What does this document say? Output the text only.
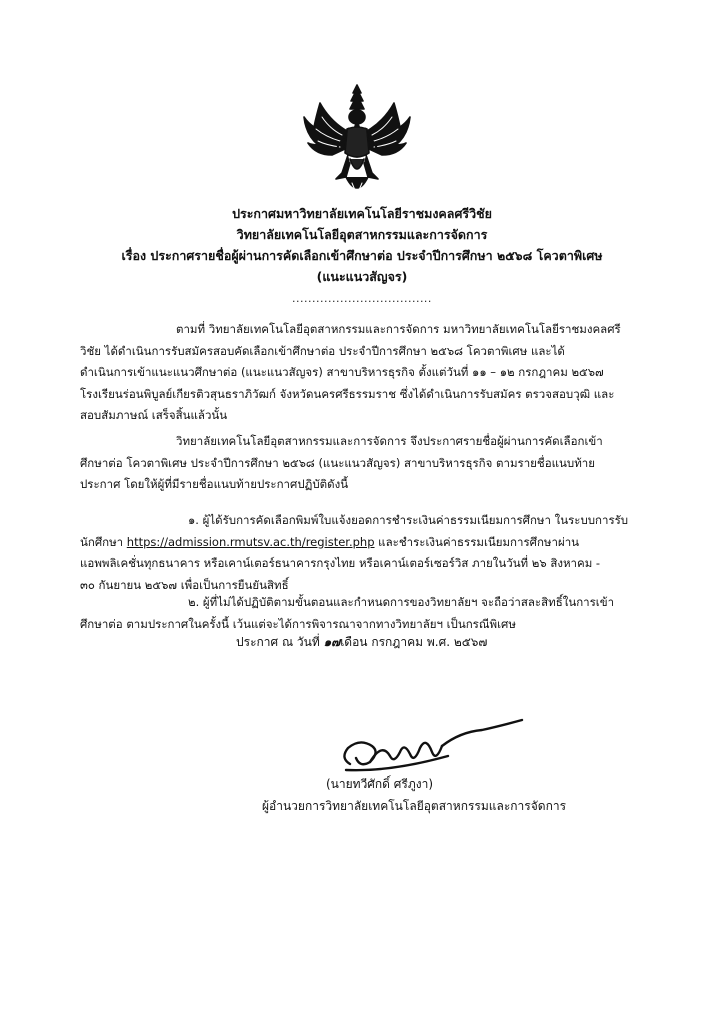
ประกาศมหาวิทยาลัยเทคโนโลยีราชมงคลศรีวิชัย
วิทยาลัยเทคโนโลยีอุตสาหกรรมและการจัดการ
เรื่อง ประกาศรายชื่อผู้ผ่านการคัดเลือกเข้าศึกษาต่อ ประจำปีการศึกษา ๒๕๖๘ โควตาพิเศษ
(แนะแนวสัญจร)
...................................
ตามที่ วิทยาลัยเทคโนโลยีอุตสาหกรรมและการจัดการ มหาวิทยาลัยเทคโนโลยีราชมงคลศรี
วิชัย ได้ดำเนินการรับสมัครสอบคัดเลือกเข้าศึกษาต่อ ประจำปีการศึกษา ๒๕๖๘ โควตาพิเศษ และได้
ดำเนินการเข้าแนะแนวศึกษาต่อ (แนะแนวสัญจร) สาขาบริหารธุรกิจ ตั้งแต่วันที่ ๑๑ – ๑๒ กรกฎาคม ๒๕๖๗
โรงเรียนร่อนพิบูลย์เกียรติวสุนธราภิวัฒก์ จังหวัดนครศรีธรรมราช ซึ่งได้ดำเนินการรับสมัคร ตรวจสอบวุฒิ และ
สอบสัมภาษณ์ เสร็จสิ้นแล้วนั้น
วิทยาลัยเทคโนโลยีอุตสาหกรรมและการจัดการ จึงประกาศรายชื่อผู้ผ่านการคัดเลือกเข้า
ศึกษาต่อ โควตาพิเศษ ประจำปีการศึกษา ๒๕๖๘ (แนะแนวสัญจร) สาขาบริหารธุรกิจ ตามรายชื่อแนบท้าย
ประกาศ โดยให้ผู้ที่มีรายชื่อแนบท้ายประกาศปฏิบัติดังนี้
๑. ผู้ได้รับการคัดเลือกพิมพ์ใบแจ้งยอดการชำระเงินค่าธรรมเนียมการศึกษา ในระบบการรับ
นักศึกษา https://admission.rmutsv.ac.th/register.php และชำระเงินค่าธรรมเนียมการศึกษาผ่าน
แอพพลิเคชั่นทุกธนาคาร หรือเคาน์เตอร์ธนาคารกรุงไทย หรือเคาน์เตอร์เซอร์วิส ภายในวันที่ ๒๖ สิงหาคม -
๓๐ กันยายน ๒๕๖๗ เพื่อเป็นการยืนยันสิทธิ์
๒. ผู้ที่ไม่ได้ปฏิบัติตามขั้นตอนและกำหนดการของวิทยาลัยฯ จะถือว่าสละสิทธิ์ในการเข้า
ศึกษาต่อ ตามประกาศในครั้งนี้ เว้นแต่จะได้การพิจารณาจากทางวิทยาลัยฯ เป็นกรณีพิเศษ
ประกาศ ณ วันที่ ๑๗เดือน กรกฎาคม พ.ศ. ๒๕๖๗
(นายทวีศักดิ์ ศรีภูงา)
ผู้อำนวยการวิทยาลัยเทคโนโลยีอุตสาหกรรมและการจัดการ
